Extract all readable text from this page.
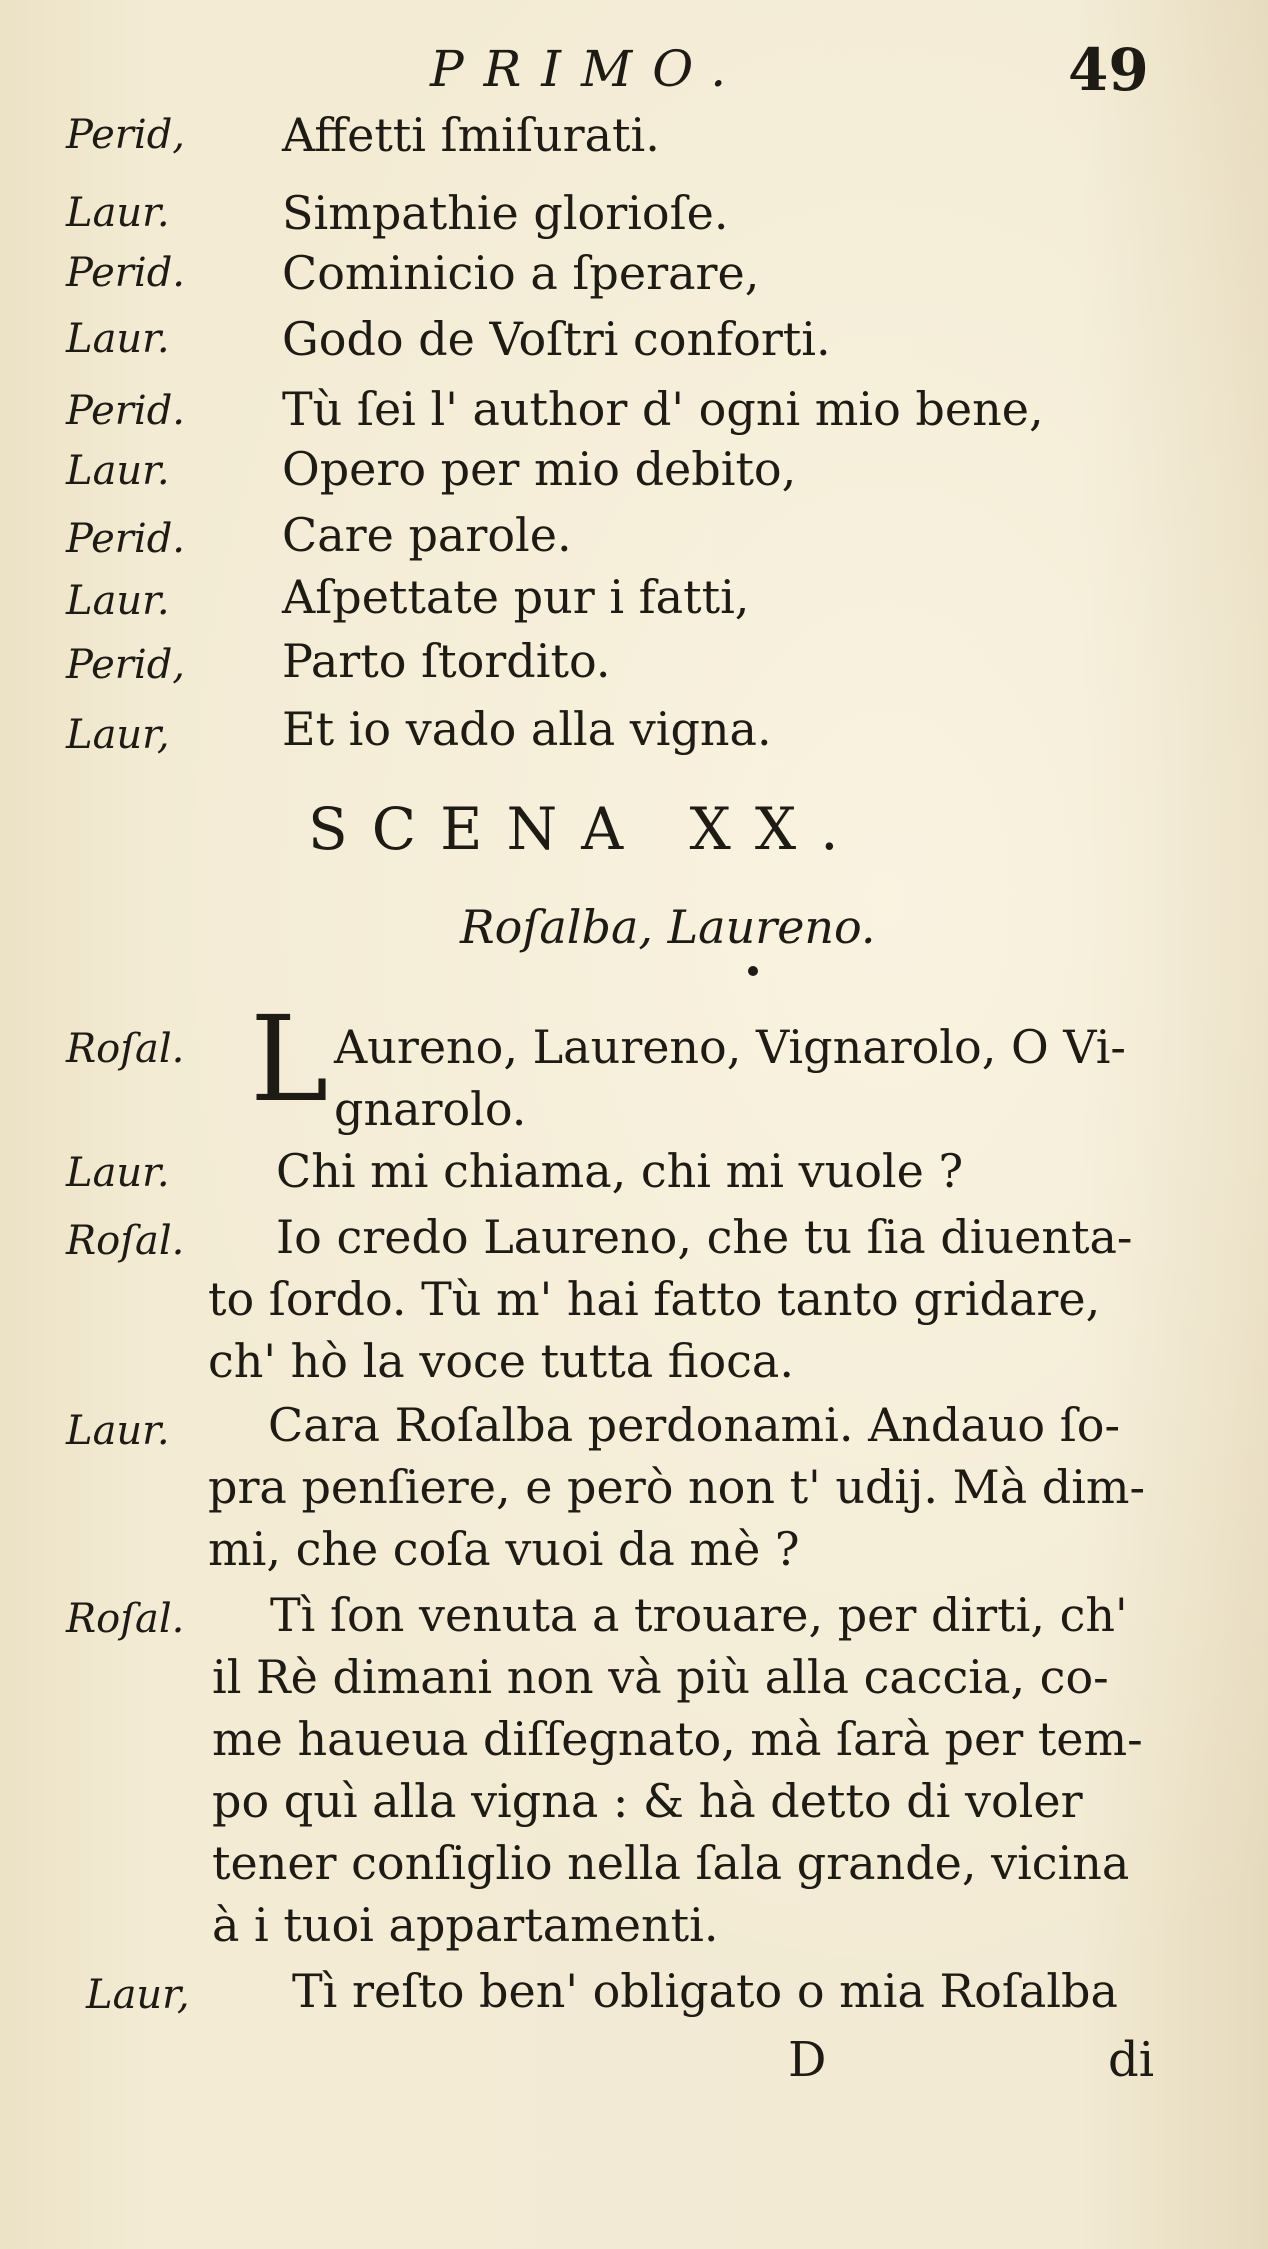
PRIMO.	49
Perid, Affetti ſmiſurati.
Laur. Simpathie glorioſe.
Perid. Cominicio a ſperare,
Laur. Godo de Voſtri conforti.
Perid. Tù ſei l' author d' ogni mio bene,
Laur. Opero per mio debito,
Perid. Care parole.
Laur. Aſpettate pur i fatti,
Perid, Parto ſtordito.
Laur, Et io vado alla vigna.
SCENA XX.
Roſalba, Laureno.
Roſal. L Aureno, Laureno, Vignarolo, O Vi-
gnarolo.
Laur. Chi mi chiama, chi mi vuole ?
Roſal. Io credo Laureno, che tu ſia diuenta-
to ſordo. Tù m' hai fatto tanto gridare,
ch' hò la voce tutta fioca.
Laur. Cara Roſalba perdonami. Andauo ſo-
pra penſiere, e però non t' udij. Mà dim-
mi, che coſa vuoi da mè ?
Roſal. Tì ſon venuta a trouare, per dirti, ch'
il Rè dimani non và più alla caccia, co-
me haueua diſſegnato, mà ſarà per tem-
po quì alla vigna : & hà detto di voler
tener conſiglio nella ſala grande, vicina
à i tuoi appartamenti.
Laur, Tì reſto ben' obligato o mia Roſalba
D	di
